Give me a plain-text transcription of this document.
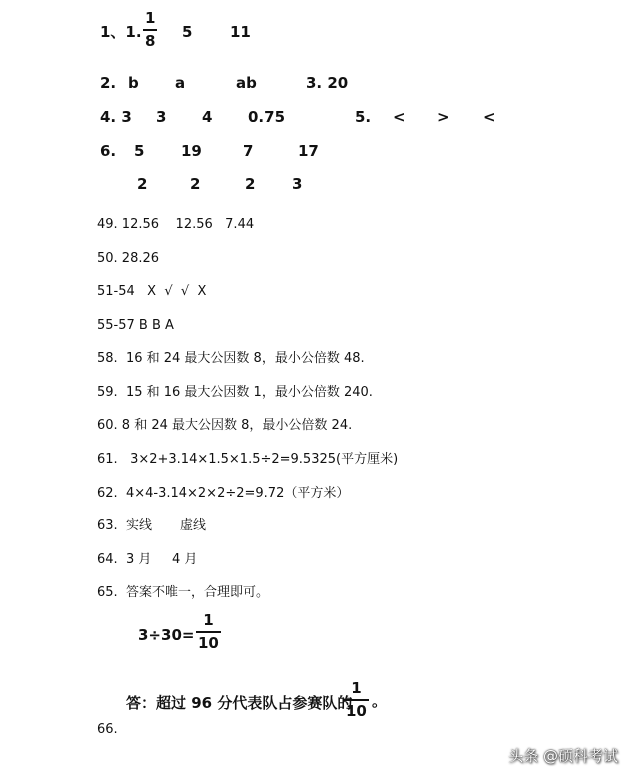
1、1.
1
8 5	11
2. b a	ab	3. 20
4. 3 3 4 0.75	5. < > <
6. 5 19	7	17
2	2	2 3
49. 12.56    12.56   7.44
50. 28.26
51-54   X  √  √  X
55-57 B B A
58.  16 和 24 最大公因数 8，最小公倍数 48.
59.  15 和 16 最大公因数 1，最小公倍数 240.
60. 8 和 24 最大公因数 8，最小公倍数 24.
61.   3×2+3.14×1.5×1.5÷2=9.5325(平方厘米)
62.  4×4-3.14×2×2÷2=9.72（平方米）
63.  实线 虚线
64.  3 月 4 月
65.  答案不唯一，合理即可。
3÷30=
1
10
答：超过 96 分代表队占参赛队的
1
10
。
66.
头条 @硕科考试
